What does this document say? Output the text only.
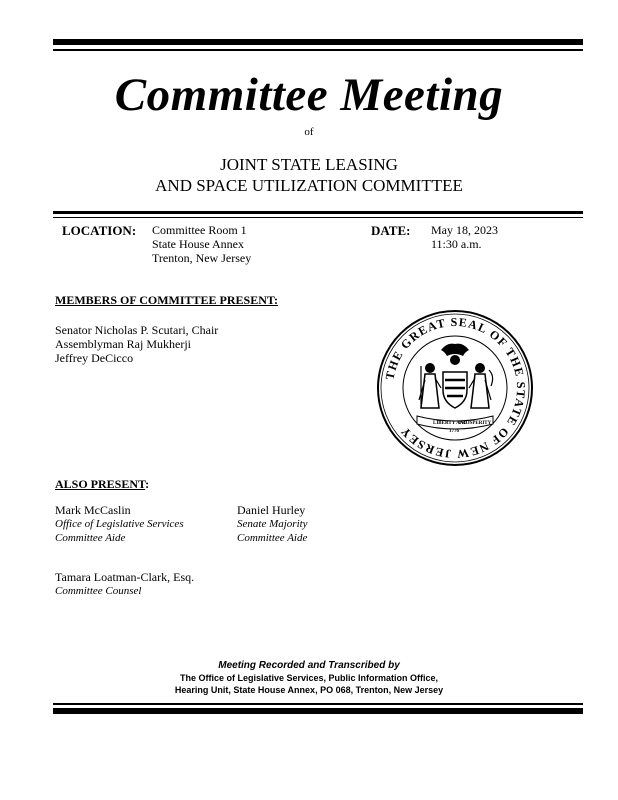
Committee Meeting
of
JOINT STATE LEASING
AND SPACE UTILIZATION COMMITTEE
LOCATION: Committee Room 1
State House Annex
Trenton, New Jersey
DATE: May 18, 2023
11:30 a.m.
MEMBERS OF COMMITTEE PRESENT:
Senator Nicholas P. Scutari, Chair
Assemblyman Raj Mukherji
Jeffrey DeCicco
THE GREAT SEAL OF THE STATE OF NEW JERSEY
LIBERTY AND
PROSPERITY
1776
ALSO PRESENT:
Mark McCaslin
Office of Legislative Services
Committee Aide
Daniel Hurley
Senate Majority
Committee Aide
Tamara Loatman-Clark, Esq.
Committee Counsel
Meeting Recorded and Transcribed by
The Office of Legislative Services, Public Information Office,
Hearing Unit, State House Annex, PO 068, Trenton, New Jersey
